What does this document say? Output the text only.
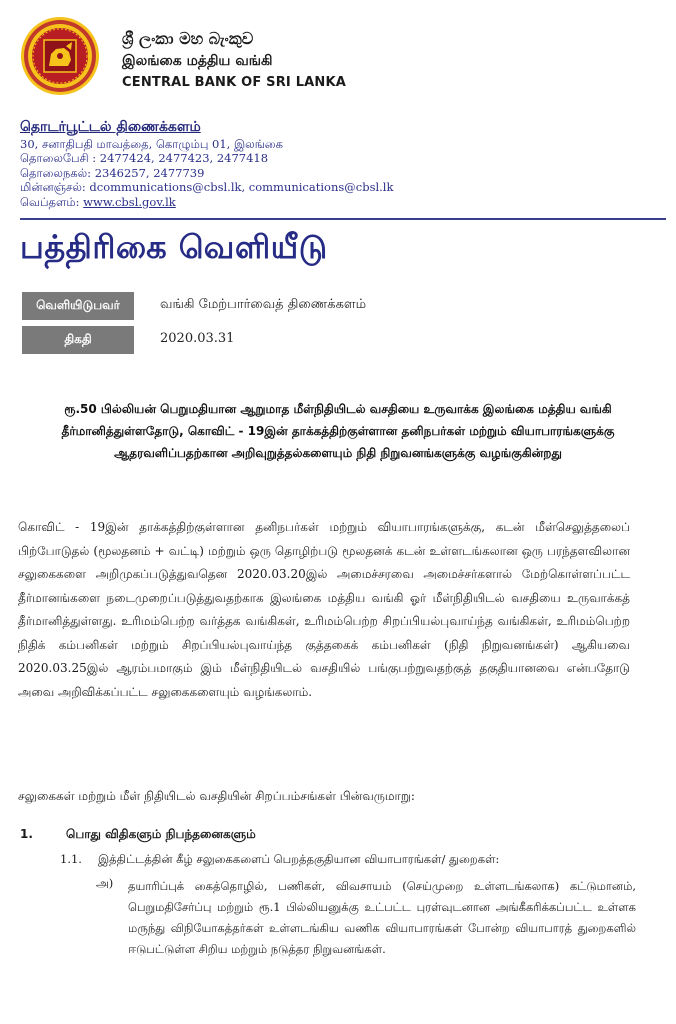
ශ්‍රී ලංකා මහ බැංකුව
இலங்கை மத்திய வங்கி
CENTRAL BANK OF SRI LANKA
தொடர்பூட்டல் திணைக்களம்
30, சனாதிபதி மாவத்தை, கொழும்பு 01, இலங்கை
தொலைபேசி : 2477424, 2477423, 2477418
தொலைநகல்: 2346257, 2477739
மின்னஞ்சல்: dcommunications@cbsl.lk, communications@cbsl.lk
வெப்தளம்: www.cbsl.gov.lk
பத்திரிகை வெளியீடு
வெளியிடுபவர்	வங்கி மேற்பார்வைத் திணைக்களம்
திகதி	2020.03.31
ரூ.50 பில்லியன் பெறுமதியான ஆறுமாத மீள்நிதியிடல் வசதியை உருவாக்க இலங்கை மத்திய வங்கி தீர்மானித்துள்ளதோடு, கொவிட் - 19இன் தாக்கத்திற்குள்ளான தனிநபர்கள் மற்றும் வியாபாரங்களுக்கு ஆதரவளிப்பதற்கான அறிவுறுத்தல்களையும் நிதி நிறுவனங்களுக்கு வழங்குகின்றது
கொவிட் - 19இன் தாக்கத்திற்குள்ளான தனிநபர்கள் மற்றும் வியாபாரங்களுக்கு, கடன் மீள்செலுத்தலைப் பிற்போடுதல் (மூலதனம் + வட்டி) மற்றும் ஒரு தொழிற்படு மூலதனக் கடன் உள்ளடங்கலான ஒரு பரந்தளவிலான சலுகைகளை அறிமுகப்படுத்துவதென 2020.03.20இல் அமைச்சரவை அமைச்சர்களால் மேற்கொள்ளப்பட்ட தீர்மானங்களை நடைமுறைப்படுத்துவதற்காக இலங்கை மத்திய வங்கி ஓர் மீள்நிதியிடல் வசதியை உருவாக்கத் தீர்மானித்துள்ளது. உரிமம்பெற்ற வர்த்தக வங்கிகள், உரிமம்பெற்ற சிறப்பியல்புவாய்ந்த வங்கிகள், உரிமம்பெற்ற நிதிக் கம்பனிகள் மற்றும் சிறப்பியல்புவாய்ந்த குத்தகைக் கம்பனிகள் (நிதி நிறுவனங்கள்) ஆகியவை 2020.03.25இல் ஆரம்பமாகும் இம் மீள்நிதியிடல் வசதியில் பங்குபற்றுவதற்குத் தகுதியானவை என்பதோடு அவை அறிவிக்கப்பட்ட சலுகைகளையும் வழங்கலாம்.
சலுகைகள் மற்றும் மீள் நிதியிடல் வசதியின் சிறப்பம்சங்கள் பின்வருமாறு:
1.	பொது விதிகளும் நிபந்தனைகளும்
1.1. இத்திட்டத்தின் கீழ் சலுகைகளைப் பெறத்தகுதியான வியாபாரங்கள்/ துறைகள்:
அ) தயாரிப்புக் கைத்தொழில், பணிகள், விவசாயம் (செய்முறை உள்ளடங்கலாக) கட்டுமானம், பெறுமதிசேர்ப்பு மற்றும் ரூ.1 பில்லியனுக்கு உட்பட்ட புரள்வுடனான அங்கீகரிக்கப்பட்ட உள்ளக மருந்து விநியோகத்தர்கள் உள்ளடங்கிய வணிக வியாபாரங்கள் போன்ற வியாபாரத் துறைகளில் ஈடுபட்டுள்ள சிறிய மற்றும் நடுத்தர நிறுவனங்கள்.
